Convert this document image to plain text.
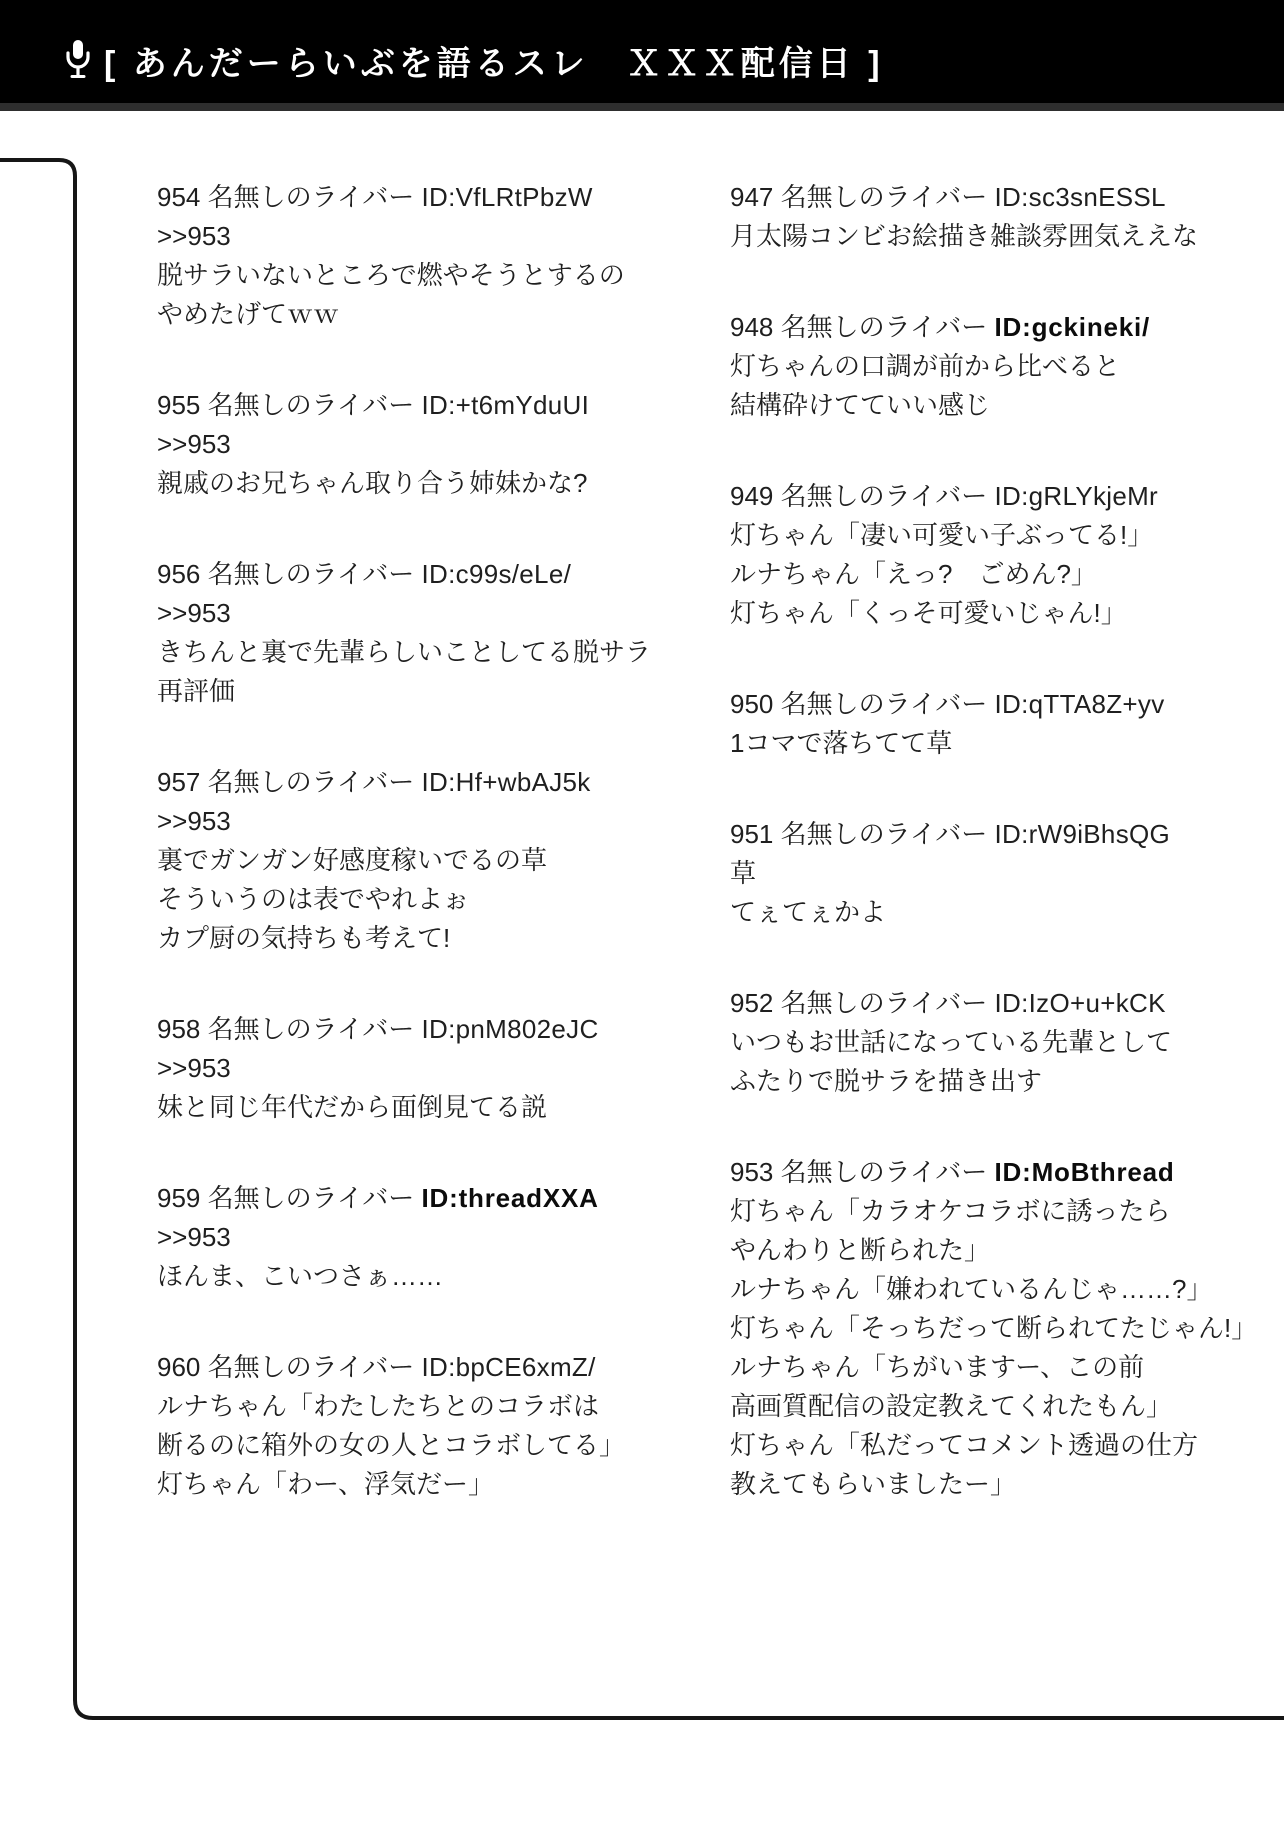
[ あんだーらいぶを語るスレ　ＸＸＸ配信日 ]
954 名無しのライバー ID:VfLRtPbzW
>>953
脱サラいないところで燃やそうとするの
やめたげてｗｗ
955 名無しのライバー ID:+t6mYduUI
>>953
親戚のお兄ちゃん取り合う姉妹かな?
956 名無しのライバー ID:c99s/eLe/
>>953
きちんと裏で先輩らしいことしてる脱サラ
再評価
957 名無しのライバー ID:Hf+wbAJ5k
>>953
裏でガンガン好感度稼いでるの草
そういうのは表でやれよぉ
カプ厨の気持ちも考えて!
958 名無しのライバー ID:pnM802eJC
>>953
妹と同じ年代だから面倒見てる説
959 名無しのライバー ID:threadXXA
>>953
ほんま、こいつさぁ……
960 名無しのライバー ID:bpCE6xmZ/
ルナちゃん「わたしたちとのコラボは
断るのに箱外の女の人とコラボしてる」
灯ちゃん「わー、浮気だー」
947 名無しのライバー ID:sc3snESSL
月太陽コンビお絵描き雑談雰囲気ええな
948 名無しのライバー ID:gckineki/
灯ちゃんの口調が前から比べると
結構砕けてていい感じ
949 名無しのライバー ID:gRLYkjeMr
灯ちゃん「凄い可愛い子ぶってる!」
ルナちゃん「えっ?　ごめん?」
灯ちゃん「くっそ可愛いじゃん!」
950 名無しのライバー ID:qTTA8Z+yv
1コマで落ちてて草
951 名無しのライバー ID:rW9iBhsQG
草
てぇてぇかよ
952 名無しのライバー ID:IzO+u+kCK
いつもお世話になっている先輩として
ふたりで脱サラを描き出す
953 名無しのライバー ID:MoBthread
灯ちゃん「カラオケコラボに誘ったら
やんわりと断られた」
ルナちゃん「嫌われているんじゃ……?」
灯ちゃん「そっちだって断られてたじゃん!」
ルナちゃん「ちがいますー、この前
高画質配信の設定教えてくれたもん」
灯ちゃん「私だってコメント透過の仕方
教えてもらいましたー」
